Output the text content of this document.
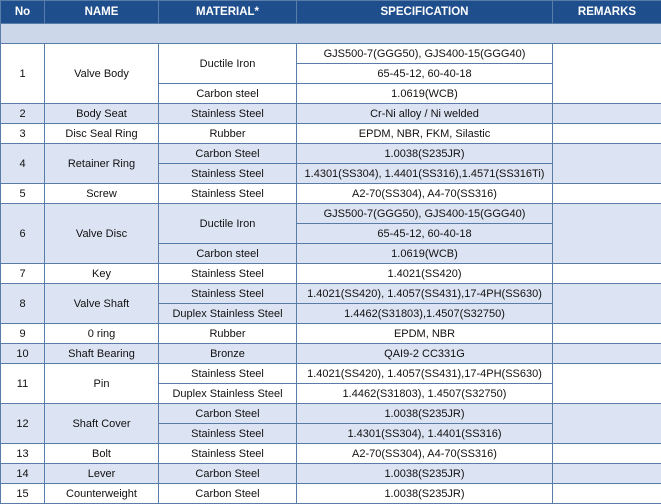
No	NAME	MATERIAL*	SPECIFICATION	REMARKS

1	Valve Body	Ductile Iron	GJS500-7(GGG50), GJS400-15(GGG40)	
			65-45-12, 60-40-18	
		Carbon steel	1.0619(WCB)	
2	Body Seat	Stainless Steel	Cr-Ni alloy / Ni welded	
3	Disc Seal Ring	Rubber	EPDM, NBR, FKM, Silastic	
4	Retainer Ring	Carbon Steel	1.0038(S235JR)	
		Stainless Steel	1.4301(SS304), 1.4401(SS316),1.4571(SS316Ti)	
5	Screw	Stainless Steel	A2-70(SS304), A4-70(SS316)	
6	Valve Disc	Ductile Iron	GJS500-7(GGG50), GJS400-15(GGG40)	
			65-45-12, 60-40-18	
		Carbon steel	1.0619(WCB)	
7	Key	Stainless Steel	1.4021(SS420)	
8	Valve Shaft	Stainless Steel	1.4021(SS420), 1.4057(SS431),17-4PH(SS630)	
		Duplex Stainless Steel	1.4462(S31803),1.4507(S32750)	
9	0 ring	Rubber	EPDM, NBR	
10	Shaft Bearing	Bronze	QAI9-2 CC331G	
11	Pin	Stainless Steel	1.4021(SS420), 1.4057(SS431),17-4PH(SS630)	
		Duplex Stainless Steel	1.4462(S31803), 1.4507(S32750)	
12	Shaft Cover	Carbon Steel	1.0038(S235JR)	
		Stainless Steel	1.4301(SS304), 1.4401(SS316)	
13	Bolt	Stainless Steel	A2-70(SS304), A4-70(SS316)	
14	Lever	Carbon Steel	1.0038(S235JR)	
15	Counterweight	Carbon Steel	1.0038(S235JR)	
